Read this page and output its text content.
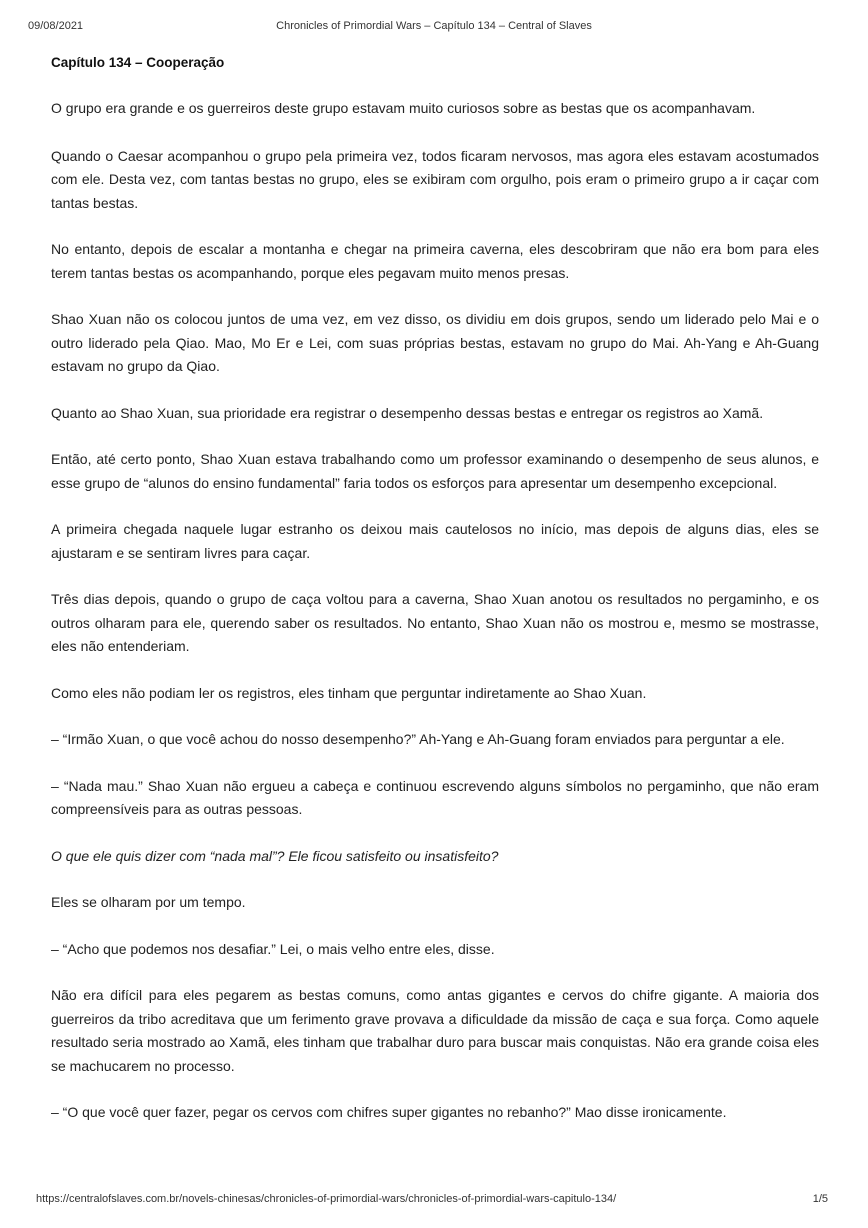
09/08/2021	Chronicles of Primordial Wars – Capítulo 134 – Central of Slaves
Capítulo 134 – Cooperação

O grupo era grande e os guerreiros deste grupo estavam muito curiosos sobre as bestas que os acompanhavam.

Quando o Caesar acompanhou o grupo pela primeira vez, todos ficaram nervosos, mas agora eles estavam acostumados com ele. Desta vez, com tantas bestas no grupo, eles se exibiram com orgulho, pois eram o primeiro grupo a ir caçar com tantas bestas.

No entanto, depois de escalar a montanha e chegar na primeira caverna, eles descobriram que não era bom para eles terem tantas bestas os acompanhando, porque eles pegavam muito menos presas.

Shao Xuan não os colocou juntos de uma vez, em vez disso, os dividiu em dois grupos, sendo um liderado pelo Mai e o outro liderado pela Qiao. Mao, Mo Er e Lei, com suas próprias bestas, estavam no grupo do Mai. Ah-Yang e Ah-Guang estavam no grupo da Qiao.

Quanto ao Shao Xuan, sua prioridade era registrar o desempenho dessas bestas e entregar os registros ao Xamã.

Então, até certo ponto, Shao Xuan estava trabalhando como um professor examinando o desempenho de seus alunos, e esse grupo de “alunos do ensino fundamental” faria todos os esforços para apresentar um desempenho excepcional.

A primeira chegada naquele lugar estranho os deixou mais cautelosos no início, mas depois de alguns dias, eles se ajustaram e se sentiram livres para caçar.

Três dias depois, quando o grupo de caça voltou para a caverna, Shao Xuan anotou os resultados no pergaminho, e os outros olharam para ele, querendo saber os resultados. No entanto, Shao Xuan não os mostrou e, mesmo se mostrasse, eles não entenderiam.

Como eles não podiam ler os registros, eles tinham que perguntar indiretamente ao Shao Xuan.

– “Irmão Xuan, o que você achou do nosso desempenho?” Ah-Yang e Ah-Guang foram enviados para perguntar a ele.

– “Nada mau.” Shao Xuan não ergueu a cabeça e continuou escrevendo alguns símbolos no pergaminho, que não eram compreensíveis para as outras pessoas.

O que ele quis dizer com “nada mal”? Ele ficou satisfeito ou insatisfeito?

Eles se olharam por um tempo.

– “Acho que podemos nos desafiar.” Lei, o mais velho entre eles, disse.

Não era difícil para eles pegarem as bestas comuns, como antas gigantes e cervos do chifre gigante. A maioria dos guerreiros da tribo acreditava que um ferimento grave provava a dificuldade da missão de caça e sua força. Como aquele resultado seria mostrado ao Xamã, eles tinham que trabalhar duro para buscar mais conquistas. Não era grande coisa eles se machucarem no processo.

– “O que você quer fazer, pegar os cervos com chifres super gigantes no rebanho?” Mao disse ironicamente.

https://centralofslaves.com.br/novels-chinesas/chronicles-of-primordial-wars/chronicles-of-primordial-wars-capitulo-134/	1/5
